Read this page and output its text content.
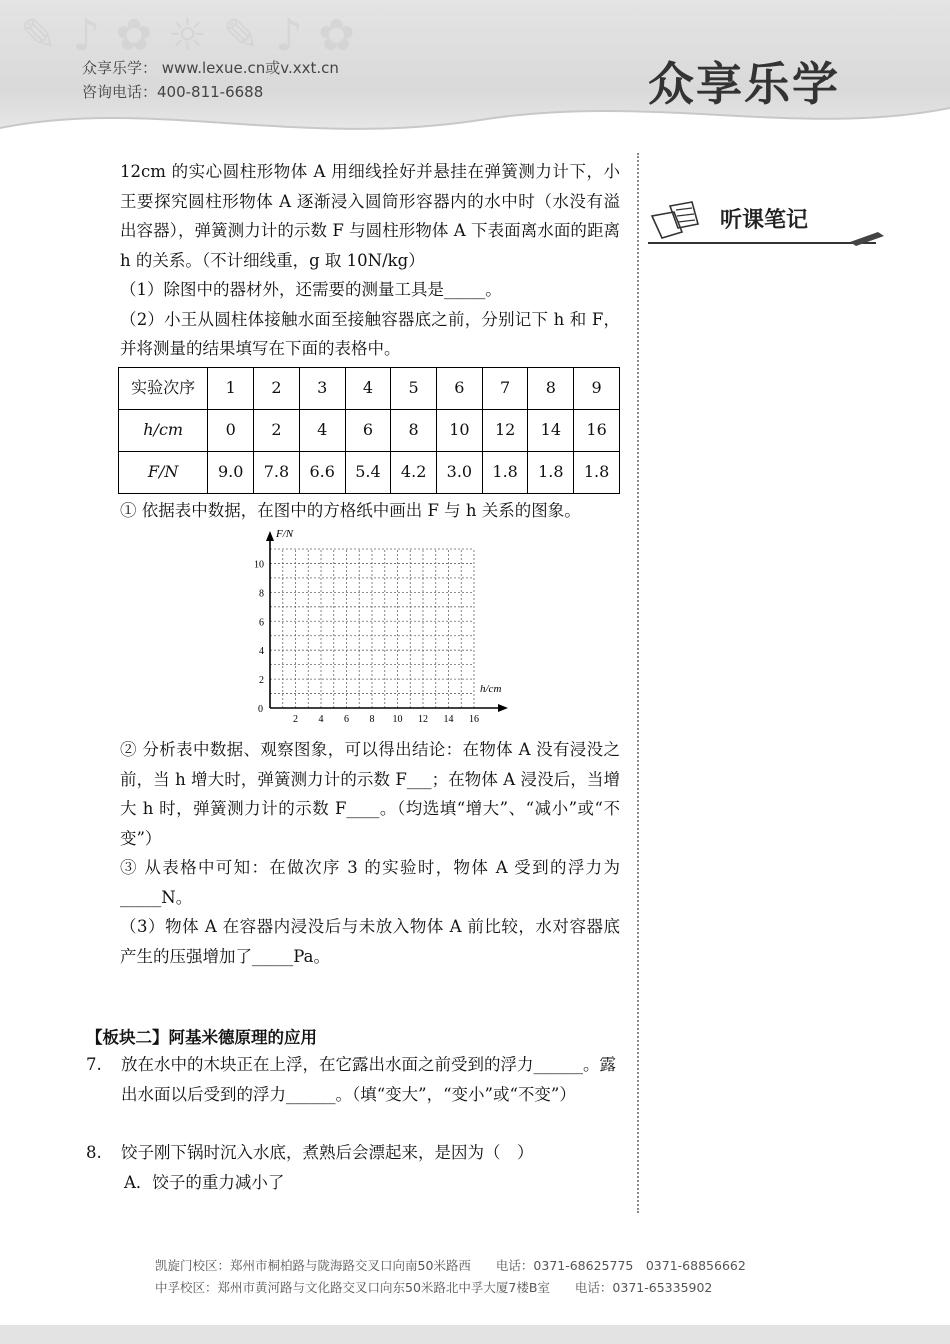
✎ ♪ ✿ ☼ ✎ ♪ ✿
众享乐学： www.lexue.cn或v.xxt.cn
咨询电话：400-811-6688	众享乐学
听课笔记

12cm 的实心圆柱形物体 A 用细线拴好并悬挂在弹簧测力计下，小王要探究圆柱形物体 A 逐渐浸入圆筒形容器内的水中时（水没有溢出容器），弹簧测力计的示数 F 与圆柱形物体 A 下表面离水面的距离 h 的关系。（不计细线重，g 取 10N/kg）

（1）除图中的器材外，还需要的测量工具是_____。

（2）小王从圆柱体接触水面至接触容器底之前，分别记下 h 和 F，并将测量的结果填写在下面的表格中。

实验次序	1	2	3	4	5	6	7	8	9
h/cm	0	2	4	6	8	10	12	14	16
F/N	9.0	7.8	6.6	5.4	4.2	3.0	1.8	1.8	1.8

① 依据表中数据，在图中的方格纸中画出 F 与 h 关系的图象。

F/N
h/cm
0
2 4 6 8 10 12 14 16
2
4
6
8
10

② 分析表中数据、观察图象，可以得出结论：在物体 A 没有浸没之前，当 h 增大时，弹簧测力计的示数 F___；在物体 A 浸没后，当增大 h 时，弹簧测力计的示数 F____。（均选填“增大”、“减小”或“不变”）

③ 从表格中可知：在做次序 3 的实验时，物体 A 受到的浮力为_____N。

（3）物体 A 在容器内浸没后与未放入物体 A 前比较，水对容器底产生的压强增加了_____Pa。

【板块二】阿基米德原理的应用
7. 放在水中的木块正在上浮，在它露出水面之前受到的浮力______。露出水面以后受到的浮力______。（填“变大”，“变小”或“不变”）
8. 饺子刚下锅时沉入水底，煮熟后会漂起来，是因为（　）
A．饺子的重力减小了
凯旋门校区：郑州市桐柏路与陇海路交叉口向南50米路西　　电话：0371-68625775　0371-68856662
中孚校区：郑州市黄河路与文化路交叉口向东50米路北中孚大厦7楼B室　　电话：0371-65335902
